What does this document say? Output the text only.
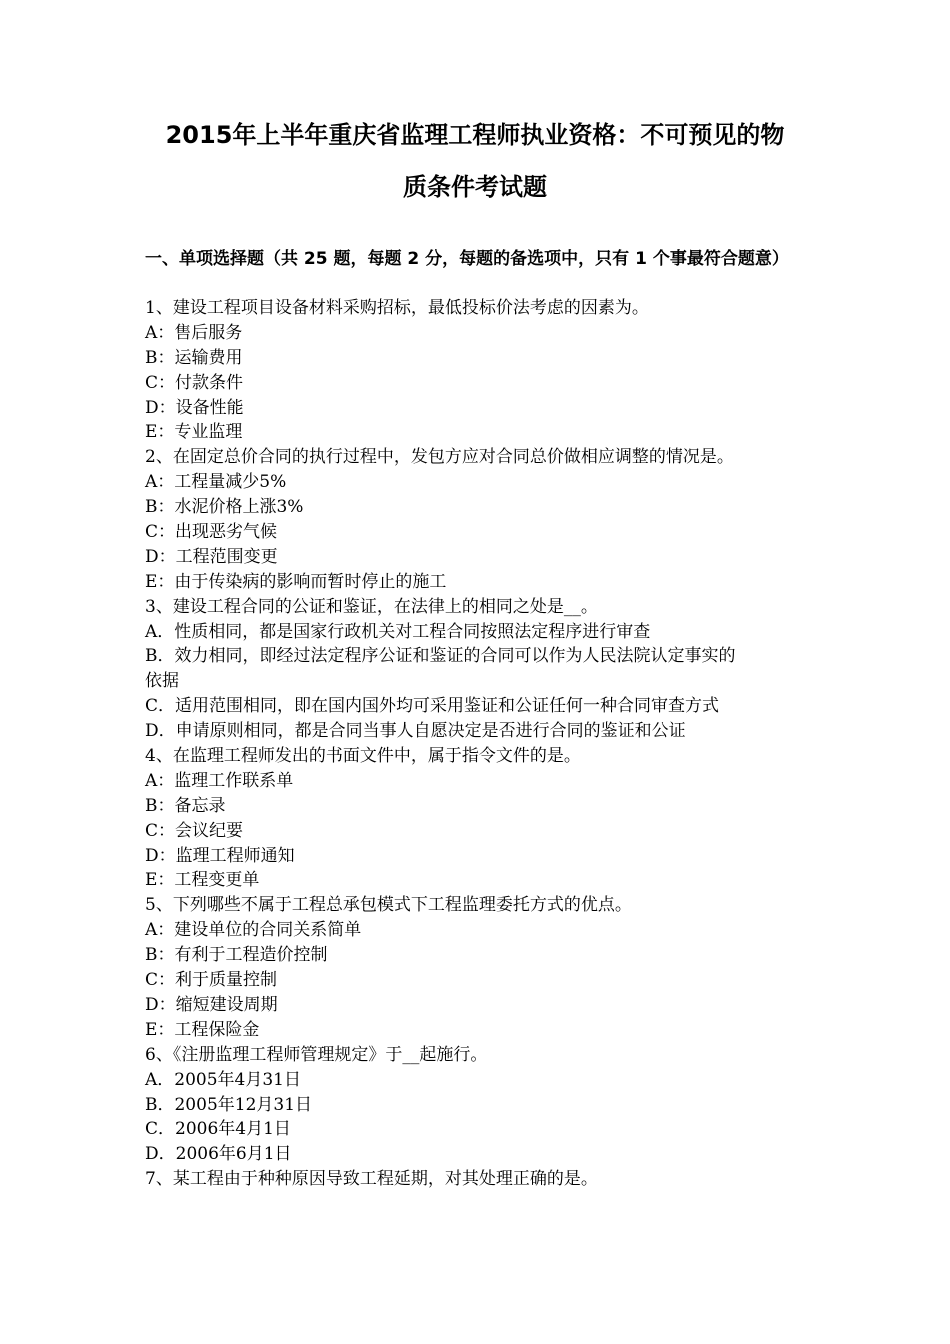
2015年上半年重庆省监理工程师执业资格：不可预见的物
质条件考试题
一、单项选择题（共 25 题，每题 2 分，每题的备选项中，只有 1 个事最符合题意）
1、建设工程项目设备材料采购招标，最低投标价法考虑的因素为。
A：售后服务
B：运输费用
C：付款条件
D：设备性能
E：专业监理
2、在固定总价合同的执行过程中，发包方应对合同总价做相应调整的情况是。
A：工程量减少5%
B：水泥价格上涨3%
C：出现恶劣气候
D：工程范围变更
E：由于传染病的影响而暂时停止的施工
3、建设工程合同的公证和鉴证，在法律上的相同之处是__。
A．性质相同，都是国家行政机关对工程合同按照法定程序进行审查
B．效力相同，即经过法定程序公证和鉴证的合同可以作为人民法院认定事实的
依据
C．适用范围相同，即在国内国外均可采用鉴证和公证任何一种合同审查方式
D．申请原则相同，都是合同当事人自愿决定是否进行合同的鉴证和公证
4、在监理工程师发出的书面文件中，属于指令文件的是。
A：监理工作联系单
B：备忘录
C：会议纪要
D：监理工程师通知
E：工程变更单
5、下列哪些不属于工程总承包模式下工程监理委托方式的优点。
A：建设单位的合同关系简单
B：有利于工程造价控制
C：利于质量控制
D：缩短建设周期
E：工程保险金
6、《注册监理工程师管理规定》于__起施行。
A．2005年4月31日
B．2005年12月31日
C．2006年4月1日
D．2006年6月1日
7、某工程由于种种原因导致工程延期，对其处理正确的是。
